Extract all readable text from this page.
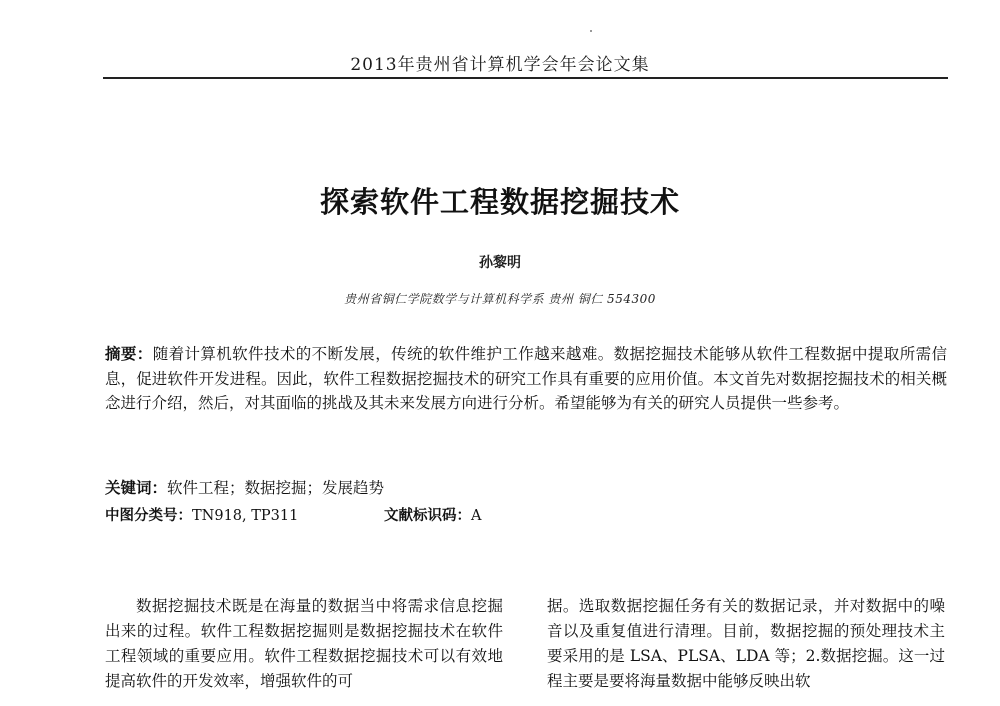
2013年贵州省计算机学会年会论文集
探索软件工程数据挖掘技术
孙黎明
贵州省铜仁学院数学与计算机科学系 贵州 铜仁 554300
摘要：随着计算机软件技术的不断发展，传统的软件维护工作越来越难。数据挖掘技术能够从软件工程数据中提取所需信息，促进软件开发进程。因此，软件工程数据挖掘技术的研究工作具有重要的应用价值。本文首先对数据挖掘技术的相关概念进行介绍，然后，对其面临的挑战及其未来发展方向进行分析。希望能够为有关的研究人员提供一些参考。
关键词：软件工程；数据挖掘；发展趋势
中图分类号：TN918, TP311	文献标识码：A
数据挖掘技术既是在海量的数据当中将需求信息挖掘出来的过程。软件工程数据挖掘则是数据挖掘技术在软件工程领域的重要应用。软件工程数据挖掘技术可以有效地提高软件的开发效率，增强软件的可
据。选取数据挖掘任务有关的数据记录，并对数据中的噪音以及重复值进行清理。目前，数据挖掘的预处理技术主要采用的是 LSA、PLSA、LDA 等；2.数据挖掘。这一过程主要是要将海量数据中能够反映出软
